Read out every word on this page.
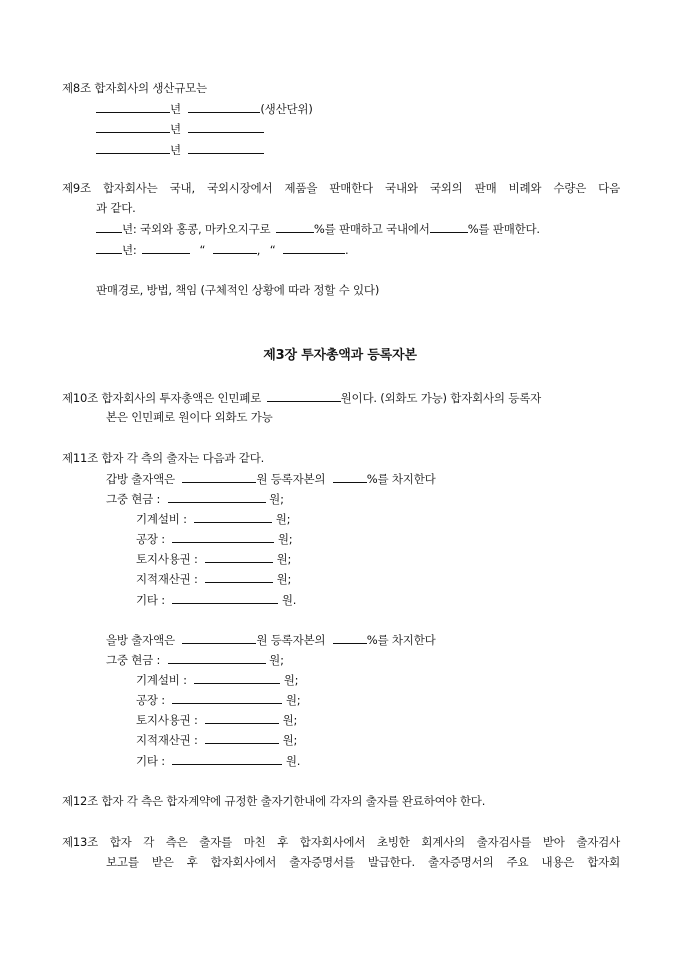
제8조 합자회사의 생산규모는
년	(생산단위)
년
년
제9조 합자회사는 국내, 국외시장에서 제품을 판매한다 국내와 국외의 판매 비례와 수량은 다음
과 같다.
년: 국외와 홍콩, 마카오지구로	%를 판매하고 국내에서	%를 판매한다.
년:	“	, “	.
판매경로, 방법, 책임 (구체적인 상황에 따라 정할 수 있다)
제3장 투자총액과 등록자본
제10조 합자회사의 투자총액은 인민폐로	원이다. (외화도 가능) 합자회사의 등록자
본은 인민폐로 원이다 외화도 가능
제11조 합자 각 측의 출자는 다음과 같다.
갑방 출자액은	원 등록자본의	%를 차지한다
그중 현금 :	원;
기계설비 :	원;
공장 :	원;
토지사용권 :	원;
지적재산권 :	원;
기타 :	원.
을방 출자액은	원 등록자본의	%를 차지한다
그중 현금 :	원;
기계설비 :	원;
공장 :	원;
토지사용권 :	원;
지적재산권 :	원;
기타 :	원.
제12조 합자 각 측은 합자계약에 규정한 출자기한내에 각자의 출자를 완료하여야 한다.
제13조 합자 각 측은 출자를 마친 후 합자회사에서 초빙한 회계사의 출자검사를 받아 출자검사
보고를 받은 후 합자회사에서 출자증명서를 발급한다. 출자증명서의 주요 내용은 합자회
